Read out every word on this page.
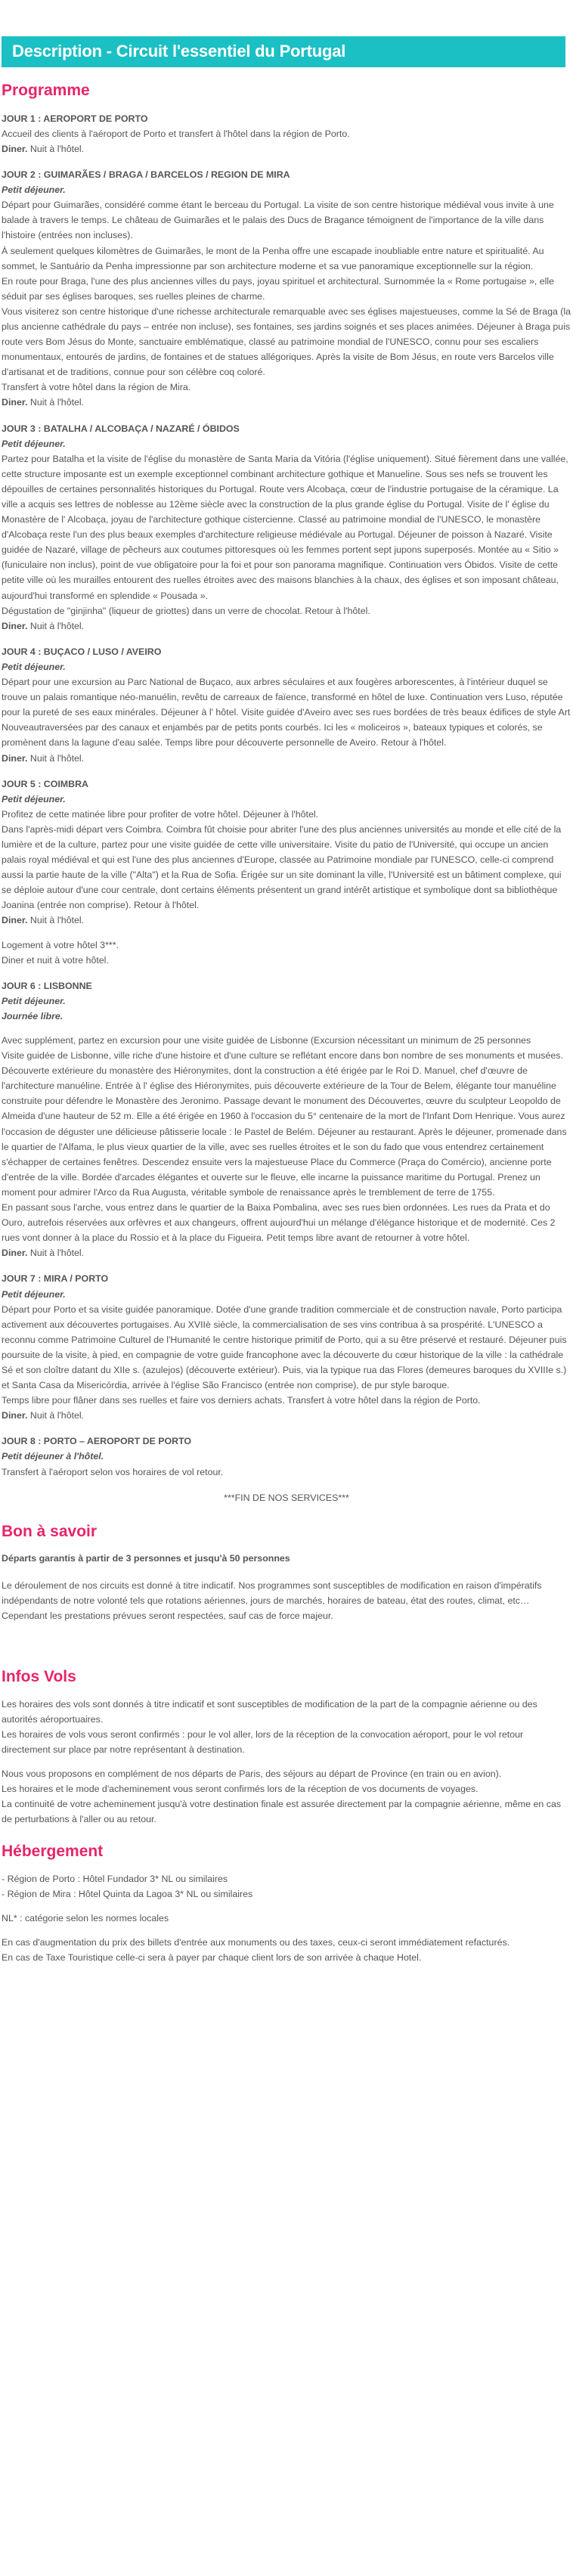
Description - Circuit l'essentiel du Portugal
Programme
JOUR 1 : AEROPORT DE PORTO

Accueil des clients à l'aéroport de Porto et transfert à l'hôtel dans la région de Porto.

Diner. Nuit à l'hôtel.

JOUR 2 : GUIMARÃES / BRAGA / BARCELOS / REGION DE MIRA
Petit déjeuner.

Départ pour Guimarães, considéré comme étant le berceau du Portugal. La visite de son centre historique médiéval vous invite à une balade à travers le temps. Le château de Guimarães et le palais des Ducs de Bragance témoignent de l'importance de la ville dans l'histoire (entrées non incluses).

À seulement quelques kilomètres de Guimarães, le mont de la Penha offre une escapade inoubliable entre nature et spiritualité. Au sommet, le Santuário da Penha impressionne par son architecture moderne et sa vue panoramique exceptionnelle sur la région.

En route pour Braga, l'une des plus anciennes villes du pays, joyau spirituel et architectural. Surnommée la « Rome portugaise », elle séduit par ses églises baroques, ses ruelles pleines de charme.

Vous visiterez son centre historique d'une richesse architecturale remarquable avec ses églises majestueuses, comme la Sé de Braga (la plus ancienne cathédrale du pays – entrée non incluse), ses fontaines, ses jardins soignés et ses places animées. Déjeuner à Braga puis route vers Bom Jésus do Monte, sanctuaire emblématique, classé au patrimoine mondial de l'UNESCO, connu pour ses escaliers monumentaux, entourés de jardins, de fontaines et de statues allégoriques. Après la visite de Bom Jésus, en route vers Barcelos ville d'artisanat et de traditions, connue pour son célèbre coq coloré.

Transfert à votre hôtel dans la région de Mira.

Diner. Nuit à l'hôtel.

JOUR 3 : BATALHA / ALCOBAÇA / NAZARÉ / ÓBIDOS
Petit déjeuner.

Partez pour Batalha et la visite de l'église du monastère de Santa Maria da Vitória (l'église uniquement). Situé fièrement dans une vallée, cette structure imposante est un exemple exceptionnel combinant architecture gothique et Manueline. Sous ses nefs se trouvent les dépouilles de certaines personnalités historiques du Portugal. Route vers Alcobaça, cœur de l'industrie portugaise de la céramique. La ville a acquis ses lettres de noblesse au 12ème siècle avec la construction de la plus grande église du Portugal. Visite de l' église du Monastère de l' Alcobaça, joyau de l'architecture gothique cistercienne. Classé au patrimoine mondial de l'UNESCO, le monastère d'Alcobaça reste l'un des plus beaux exemples d'architecture religieuse médiévale au Portugal. Déjeuner de poisson à Nazaré. Visite guidée de Nazaré, village de pêcheurs aux coutumes pittoresques où les femmes portent sept jupons superposés. Montée au « Sitio » (funiculaire non inclus), point de vue obligatoire pour la foi et pour son panorama magnifique. Continuation vers Óbidos. Visite de cette petite ville où les murailles entourent des ruelles étroites avec des maisons blanchies à la chaux, des églises et son imposant château, aujourd'hui transformé en splendide « Pousada ».

Dégustation de "ginjinha" (liqueur de griottes) dans un verre de chocolat. Retour à l'hôtel.

Diner. Nuit à l'hôtel.

JOUR 4 : BUÇACO / LUSO / AVEIRO
Petit déjeuner.

Départ pour une excursion au Parc National de Buçaco, aux arbres séculaires et aux fougères arborescentes, à l'intérieur duquel se trouve un palais romantique néo-manuélin, revêtu de carreaux de faïence, transformé en hôtel de luxe. Continuation vers Luso, réputée pour la pureté de ses eaux minérales. Déjeuner à l' hôtel. Visite guidée d'Aveiro avec ses rues bordées de très beaux édifices de style Art Nouveautraversées par des canaux et enjambés par de petits ponts courbés. Ici les « moliceiros », bateaux typiques et colorés, se promènent dans la lagune d'eau salée. Temps libre pour découverte personnelle de Aveiro. Retour à l'hôtel.

Diner. Nuit à l'hôtel.

JOUR 5 : COIMBRA
Petit déjeuner.

Profitez de cette matinée libre pour profiter de votre hôtel. Déjeuner à l'hôtel.

Dans l'après-midi départ vers Coimbra. Coimbra fût choisie pour abriter l'une des plus anciennes universités au monde et elle cité de la lumière et de la culture, partez pour une visite guidée de cette ville universitaire. Visite du patio de l'Université, qui occupe un ancien palais royal médiéval et qui est l'une des plus anciennes d'Europe, classée au Patrimoine mondiale par l'UNESCO, celle-ci comprend aussi la partie haute de la ville ("Alta") et la Rua de Sofia. Érigée sur un site dominant la ville, l'Université est un bâtiment complexe, qui se déploie autour d'une cour centrale, dont certains éléments présentent un grand intérêt artistique et symbolique dont sa bibliothèque Joanina (entrée non comprise). Retour à l'hôtel.

Diner. Nuit à l'hôtel.

Logement à votre hôtel 3***.

Diner et nuit à votre hôtel.

JOUR 6 : LISBONNE
Petit déjeuner.
Journée libre.

Avec supplément, partez en excursion pour une visite guidée de Lisbonne (Excursion nécessitant un minimum de 25 personnes

Visite guidée de Lisbonne, ville riche d'une histoire et d'une culture se reflétant encore dans bon nombre de ses monuments et musées. Découverte extérieure du monastère des Hiéronymites, dont la construction a été érigée par le Roi D. Manuel, chef d'œuvre de l'architecture manuéline. Entrée à l' église des Hiéronymites, puis découverte extérieure de la Tour de Belem, élégante tour manuéline construite pour défendre le Monastère des Jeronimo. Passage devant le monument des Découvertes, œuvre du sculpteur Leopoldo de Almeida d'une hauteur de 52 m. Elle a été érigée en 1960 à l'occasion du 5° centenaire de la mort de l'Infant Dom Henrique. Vous aurez l'occasion de déguster une délicieuse pâtisserie locale : le Pastel de Belém. Déjeuner au restaurant. Après le déjeuner, promenade dans le quartier de l'Alfama, le plus vieux quartier de la ville, avec ses ruelles étroites et le son du fado que vous entendrez certainement s'échapper de certaines fenêtres. Descendez ensuite vers la majestueuse Place du Commerce (Praça do Comércio), ancienne porte d'entrée de la ville. Bordée d'arcades élégantes et ouverte sur le fleuve, elle incarne la puissance maritime du Portugal. Prenez un moment pour admirer l'Arco da Rua Augusta, véritable symbole de renaissance après le tremblement de terre de 1755.

En passant sous l'arche, vous entrez dans le quartier de la Baixa Pombalina, avec ses rues bien ordonnées. Les rues da Prata et do Ouro, autrefois réservées aux orfèvres et aux changeurs, offrent aujourd'hui un mélange d'élégance historique et de modernité. Ces 2 rues vont donner à la place du Rossio et à la place du Figueira. Petit temps libre avant de retourner à votre hôtel.

Diner. Nuit à l'hôtel.

JOUR 7 : MIRA / PORTO
Petit déjeuner.

Départ pour Porto et sa visite guidée panoramique. Dotée d'une grande tradition commerciale et de construction navale, Porto participa activement aux découvertes portugaises. Au XVIIè siècle, la commercialisation de ses vins contribua à sa prospérité. L'UNESCO a reconnu comme Patrimoine Culturel de l'Humanité le centre historique primitif de Porto, qui a su être préservé et restauré. Déjeuner puis poursuite de la visite, à pied, en compagnie de votre guide francophone avec la découverte du cœur historique de la ville : la cathédrale Sé et son cloître datant du XIIe s. (azulejos) (découverte extérieur). Puis, via la typique rua das Flores (demeures baroques du XVIIIe s.) et Santa Casa da Misericórdia, arrivée à l'église São Francisco (entrée non comprise), de pur style baroque.

Temps libre pour flâner dans ses ruelles et faire vos derniers achats. Transfert à votre hôtel dans la région de Porto.

Diner. Nuit à l'hôtel.

JOUR 8 : PORTO – AEROPORT DE PORTO
Petit déjeuner à l'hôtel.

Transfert à l'aéroport selon vos horaires de vol retour.

***FIN DE NOS SERVICES***
Bon à savoir

Départs garantis à partir de 3 personnes et jusqu'à 50 personnes

Le déroulement de nos circuits est donné à titre indicatif. Nos programmes sont susceptibles de modification en raison d'impératifs indépendants de notre volonté tels que rotations aériennes, jours de marchés, horaires de bateau, état des routes, climat, etc… Cependant les prestations prévues seront respectées, sauf cas de force majeur.

Infos Vols

Les horaires des vols sont donnés à titre indicatif et sont susceptibles de modification de la part de la compagnie aérienne ou des autorités aéroportuaires.

Les horaires de vols vous seront confirmés : pour le vol aller, lors de la réception de la convocation aéroport, pour le vol retour directement sur place par notre représentant à destination.

Nous vous proposons en complément de nos départs de Paris, des séjours au départ de Province (en train ou en avion).

Les horaires et le mode d'acheminement vous seront confirmés lors de la réception de vos documents de voyages.

La continuité de votre acheminement jusqu'à votre destination finale est assurée directement par la compagnie aérienne, même en cas de perturbations à l'aller ou au retour.

Hébergement

- Région de Porto : Hôtel Fundador 3* NL ou similaires

- Région de Mira : Hôtel Quinta da Lagoa 3* NL ou similaires

NL* : catégorie selon les normes locales

En cas d'augmentation du prix des billets d'entrée aux monuments ou des taxes, ceux-ci seront immédiatement refacturés.

En cas de Taxe Touristique celle-ci sera à payer par chaque client lors de son arrivée à chaque Hotel.
